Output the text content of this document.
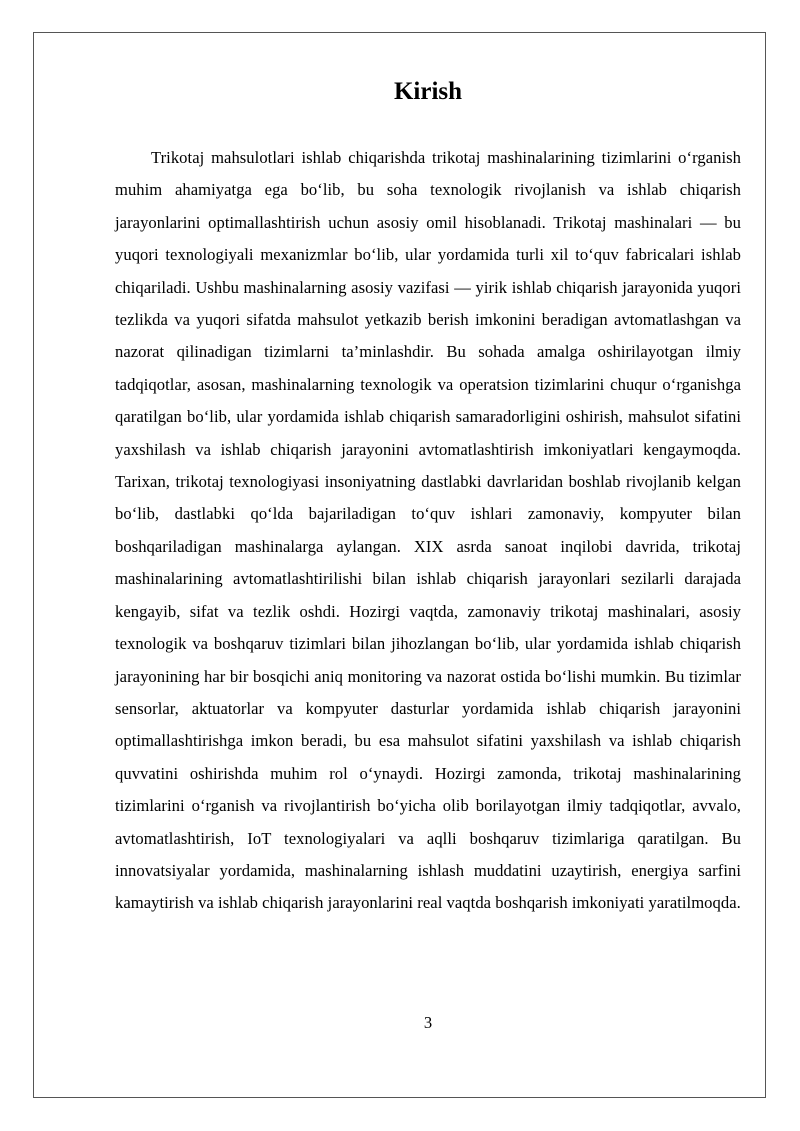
Kirish

Trikotaj mahsulotlari ishlab chiqarishda trikotaj mashinalarining tizimlarini o‘rganish muhim ahamiyatga ega bo‘lib, bu soha texnologik rivojlanish va ishlab chiqarish jarayonlarini optimallashtirish uchun asosiy omil hisoblanadi. Trikotaj mashinalari — bu yuqori texnologiyali mexanizmlar bo‘lib, ular yordamida turli xil to‘quv fabricalari ishlab chiqariladi. Ushbu mashinalarning asosiy vazifasi — yirik ishlab chiqarish jarayonida yuqori tezlikda va yuqori sifatda mahsulot yetkazib berish imkonini beradigan avtomatlashgan va nazorat qilinadigan tizimlarni ta’minlashdir. Bu sohada amalga oshirilayotgan ilmiy tadqiqotlar, asosan, mashinalarning texnologik va operatsion tizimlarini chuqur o‘rganishga qaratilgan bo‘lib, ular yordamida ishlab chiqarish samaradorligini oshirish, mahsulot sifatini yaxshilash va ishlab chiqarish jarayonini avtomatlashtirish imkoniyatlari kengaymoqda. Tarixan, trikotaj texnologiyasi insoniyatning dastlabki davrlaridan boshlab rivojlanib kelgan bo‘lib, dastlabki qo‘lda bajariladigan to‘quv ishlari zamonaviy, kompyuter bilan boshqariladigan mashinalarga aylangan. XIX asrda sanoat inqilobi davrida, trikotaj mashinalarining avtomatlashtirilishi bilan ishlab chiqarish jarayonlari sezilarli darajada kengayib, sifat va tezlik oshdi. Hozirgi vaqtda, zamonaviy trikotaj mashinalari, asosiy texnologik va boshqaruv tizimlari bilan jihozlangan bo‘lib, ular yordamida ishlab chiqarish jarayonining har bir bosqichi aniq monitoring va nazorat ostida bo‘lishi mumkin. Bu tizimlar sensorlar, aktuatorlar va kompyuter dasturlar yordamida ishlab chiqarish jarayonini optimallashtirishga imkon beradi, bu esa mahsulot sifatini yaxshilash va ishlab chiqarish quvvatini oshirishda muhim rol o‘ynaydi. Hozirgi zamonda, trikotaj mashinalarining tizimlarini o‘rganish va rivojlantirish bo‘yicha olib borilayotgan ilmiy tadqiqotlar, avvalo, avtomatlashtirish, IoT texnologiyalari va aqlli boshqaruv tizimlariga qaratilgan. Bu innovatsiyalar yordamida, mashinalarning ishlash muddatini uzaytirish, energiya sarfini kamaytirish va ishlab chiqarish jarayonlarini real vaqtda boshqarish imkoniyati yaratilmoqda.

3
